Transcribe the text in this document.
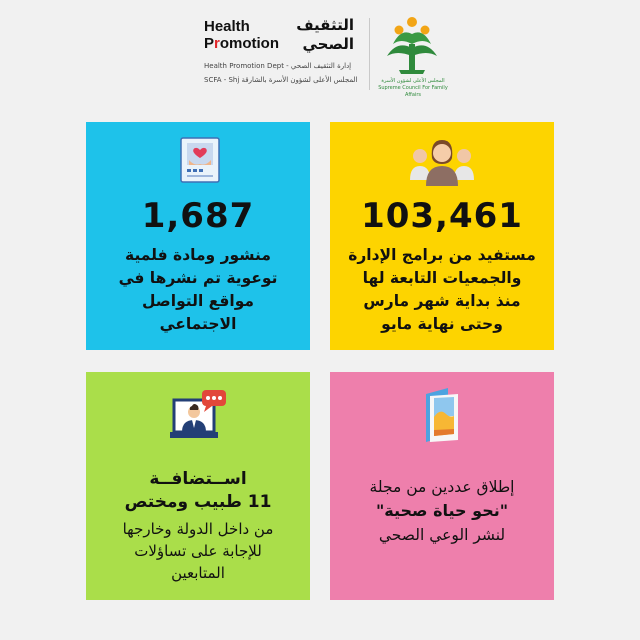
Health
Promotion
التثقيف
الصحي
Health Promotion Dept - إدارة التثقيف الصحي
SCFA - Shj المجلس الأعلى لشؤون الأسرة بالشارقة	المجلس الأعلى لشؤون الأسرة
Supreme Council For Family Affairs
1,687
منشور ومادة فلمية
توعوية تم نشرها في
مواقع التواصل
الاجتماعي
103,461
مستفيد من برامج الإدارة
والجمعيات التابعة لها
منذ بداية شهر مارس
وحتى نهاية مايو
اســتضافــة
11 طبيب ومختص
من داخل الدولة وخارجها
للإجابة على تساؤلات
المتابعين
إطلاق عددين من مجلة
"نحو حياة صحية"
لنشر الوعي الصحي
